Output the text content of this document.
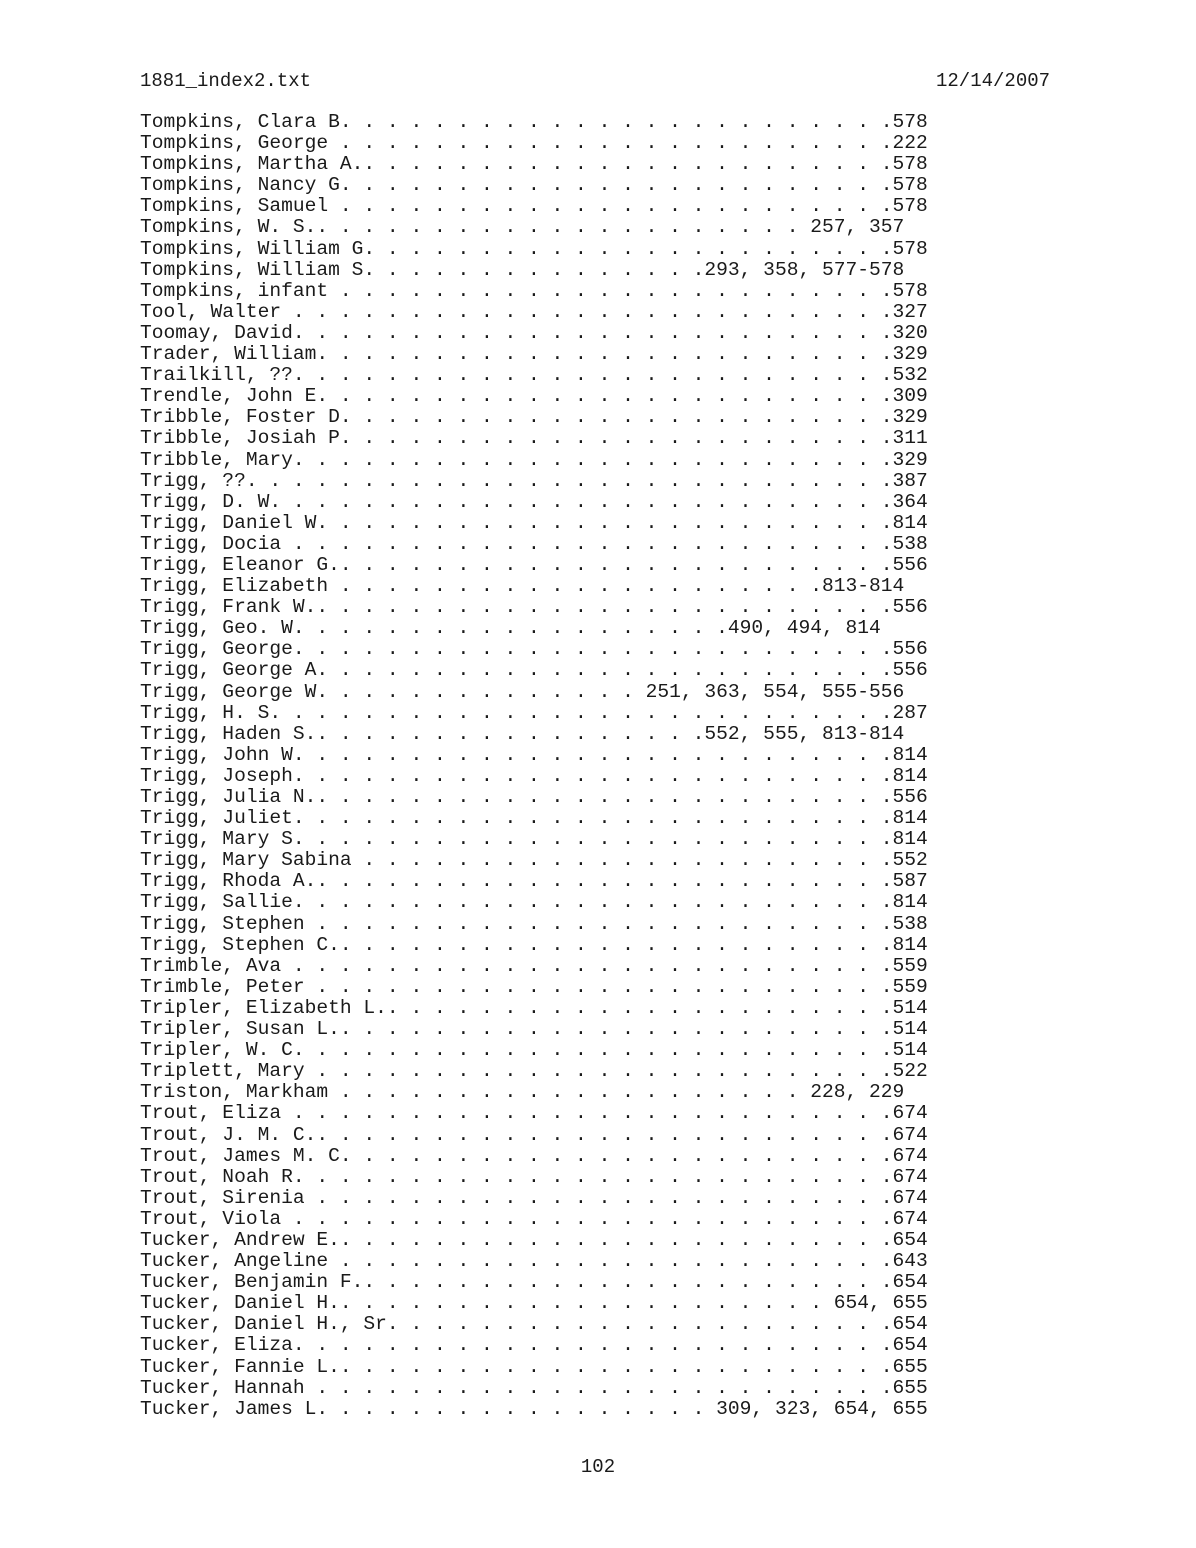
1881_index2.txt	12/14/2007
Tompkins, Clara B. . . . . . . . . . . . . . . . . . . . . . . .578
Tompkins, George . . . . . . . . . . . . . . . . . . . . . . . .222
Tompkins, Martha A.. . . . . . . . . . . . . . . . . . . . . . .578
Tompkins, Nancy G. . . . . . . . . . . . . . . . . . . . . . . .578
Tompkins, Samuel . . . . . . . . . . . . . . . . . . . . . . . .578
Tompkins, W. S.. . . . . . . . . . . . . . . . . . . . . 257, 357
Tompkins, William G. . . . . . . . . . . . . . . . . . . . . . .578
Tompkins, William S. . . . . . . . . . . . . . .293, 358, 577-578
Tompkins, infant . . . . . . . . . . . . . . . . . . . . . . . .578
Tool, Walter . . . . . . . . . . . . . . . . . . . . . . . . . .327
Toomay, David. . . . . . . . . . . . . . . . . . . . . . . . . .320
Trader, William. . . . . . . . . . . . . . . . . . . . . . . . .329
Trailkill, ??. . . . . . . . . . . . . . . . . . . . . . . . . .532
Trendle, John E. . . . . . . . . . . . . . . . . . . . . . . . .309
Tribble, Foster D. . . . . . . . . . . . . . . . . . . . . . . .329
Tribble, Josiah P. . . . . . . . . . . . . . . . . . . . . . . .311
Tribble, Mary. . . . . . . . . . . . . . . . . . . . . . . . . .329
Trigg, ??. . . . . . . . . . . . . . . . . . . . . . . . . . . .387
Trigg, D. W. . . . . . . . . . . . . . . . . . . . . . . . . . .364
Trigg, Daniel W. . . . . . . . . . . . . . . . . . . . . . . . .814
Trigg, Docia . . . . . . . . . . . . . . . . . . . . . . . . . .538
Trigg, Eleanor G.. . . . . . . . . . . . . . . . . . . . . . . .556
Trigg, Elizabeth . . . . . . . . . . . . . . . . . . . . .813-814
Trigg, Frank W.. . . . . . . . . . . . . . . . . . . . . . . . .556
Trigg, Geo. W. . . . . . . . . . . . . . . . . . .490, 494, 814
Trigg, George. . . . . . . . . . . . . . . . . . . . . . . . . .556
Trigg, George A. . . . . . . . . . . . . . . . . . . . . . . . .556
Trigg, George W. . . . . . . . . . . . . . 251, 363, 554, 555-556
Trigg, H. S. . . . . . . . . . . . . . . . . . . . . . . . . . .287
Trigg, Haden S.. . . . . . . . . . . . . . . . .552, 555, 813-814
Trigg, John W. . . . . . . . . . . . . . . . . . . . . . . . . .814
Trigg, Joseph. . . . . . . . . . . . . . . . . . . . . . . . . .814
Trigg, Julia N.. . . . . . . . . . . . . . . . . . . . . . . . .556
Trigg, Juliet. . . . . . . . . . . . . . . . . . . . . . . . . .814
Trigg, Mary S. . . . . . . . . . . . . . . . . . . . . . . . . .814
Trigg, Mary Sabina . . . . . . . . . . . . . . . . . . . . . . .552
Trigg, Rhoda A.. . . . . . . . . . . . . . . . . . . . . . . . .587
Trigg, Sallie. . . . . . . . . . . . . . . . . . . . . . . . . .814
Trigg, Stephen . . . . . . . . . . . . . . . . . . . . . . . . .538
Trigg, Stephen C.. . . . . . . . . . . . . . . . . . . . . . . .814
Trimble, Ava . . . . . . . . . . . . . . . . . . . . . . . . . .559
Trimble, Peter . . . . . . . . . . . . . . . . . . . . . . . . .559
Tripler, Elizabeth L.. . . . . . . . . . . . . . . . . . . . . .514
Tripler, Susan L.. . . . . . . . . . . . . . . . . . . . . . . .514
Tripler, W. C. . . . . . . . . . . . . . . . . . . . . . . . . .514
Triplett, Mary . . . . . . . . . . . . . . . . . . . . . . . . .522
Triston, Markham . . . . . . . . . . . . . . . . . . . . 228, 229
Trout, Eliza . . . . . . . . . . . . . . . . . . . . . . . . . .674
Trout, J. M. C.. . . . . . . . . . . . . . . . . . . . . . . . .674
Trout, James M. C. . . . . . . . . . . . . . . . . . . . . . . .674
Trout, Noah R. . . . . . . . . . . . . . . . . . . . . . . . . .674
Trout, Sirenia . . . . . . . . . . . . . . . . . . . . . . . . .674
Trout, Viola . . . . . . . . . . . . . . . . . . . . . . . . . .674
Tucker, Andrew E.. . . . . . . . . . . . . . . . . . . . . . . .654
Tucker, Angeline . . . . . . . . . . . . . . . . . . . . . . . .643
Tucker, Benjamin F.. . . . . . . . . . . . . . . . . . . . . . .654
Tucker, Daniel H.. . . . . . . . . . . . . . . . . . . . . 654, 655
Tucker, Daniel H., Sr. . . . . . . . . . . . . . . . . . . . . .654
Tucker, Eliza. . . . . . . . . . . . . . . . . . . . . . . . . .654
Tucker, Fannie L.. . . . . . . . . . . . . . . . . . . . . . . .655
Tucker, Hannah . . . . . . . . . . . . . . . . . . . . . . . . .655
Tucker, James L. . . . . . . . . . . . . . . . . 309, 323, 654, 655
102
